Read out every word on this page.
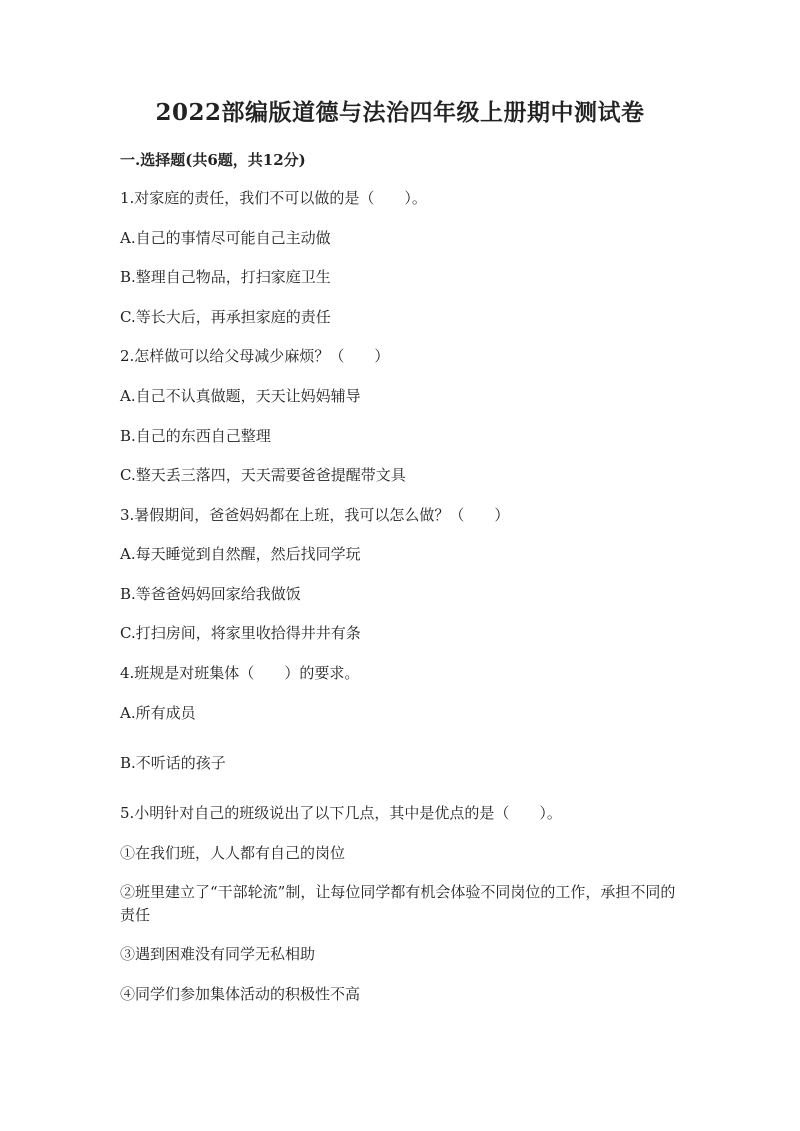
2022部编版道德与法治四年级上册期中测试卷
一.选择题(共6题，共12分)
1.对家庭的责任，我们不可以做的是（　　）。
A.自己的事情尽可能自己主动做
B.整理自己物品，打扫家庭卫生
C.等长大后，再承担家庭的责任
2.怎样做可以给父母减少麻烦？（　　）
A.自己不认真做题，天天让妈妈辅导
B.自己的东西自己整理
C.整天丢三落四，天天需要爸爸提醒带文具
3.暑假期间，爸爸妈妈都在上班，我可以怎么做？（　　）
A.每天睡觉到自然醒，然后找同学玩
B.等爸爸妈妈回家给我做饭
C.打扫房间，将家里收拾得井井有条
4.班规是对班集体（　　）的要求。
A.所有成员
B.不听话的孩子
5.小明针对自己的班级说出了以下几点，其中是优点的是（　　）。
①在我们班，人人都有自己的岗位
②班里建立了“干部轮流”制，让每位同学都有机会体验不同岗位的工作，承担不同的责任
③遇到困难没有同学无私相助
④同学们参加集体活动的积极性不高
